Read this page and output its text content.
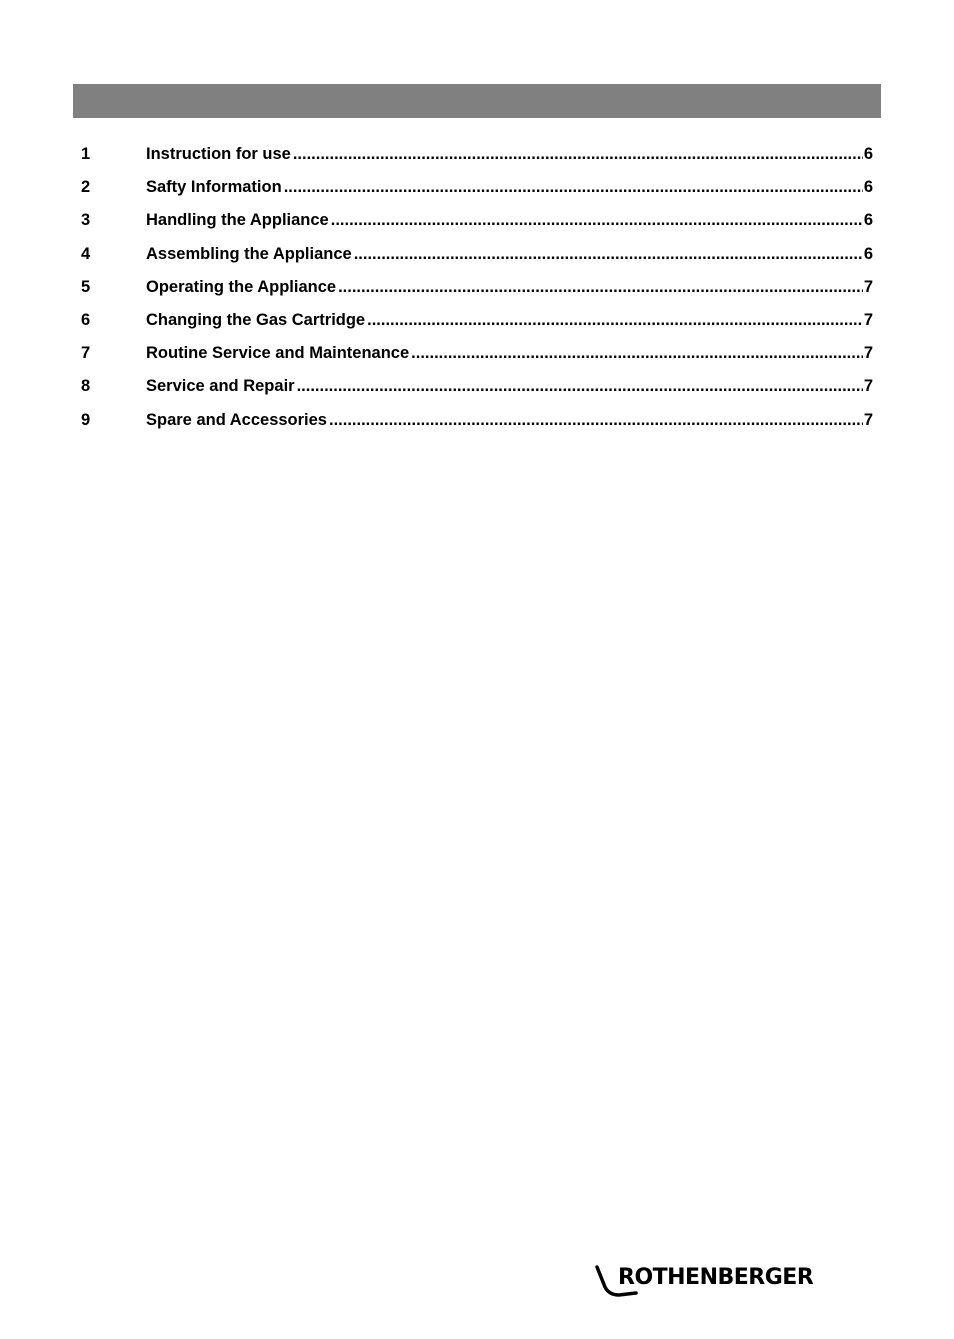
1	Instruction for use .....	6
2	Safty Information .....	6
3	Handling the Appliance .....	6
4	Assembling the Appliance .....	6
5	Operating the Appliance .....	7
6	Changing the Gas Cartridge .....	7
7	Routine Service and Maintenance .....	7
8	Service and Repair .....	7
9	Spare and Accessories .....	7
ROTHENBERGER
